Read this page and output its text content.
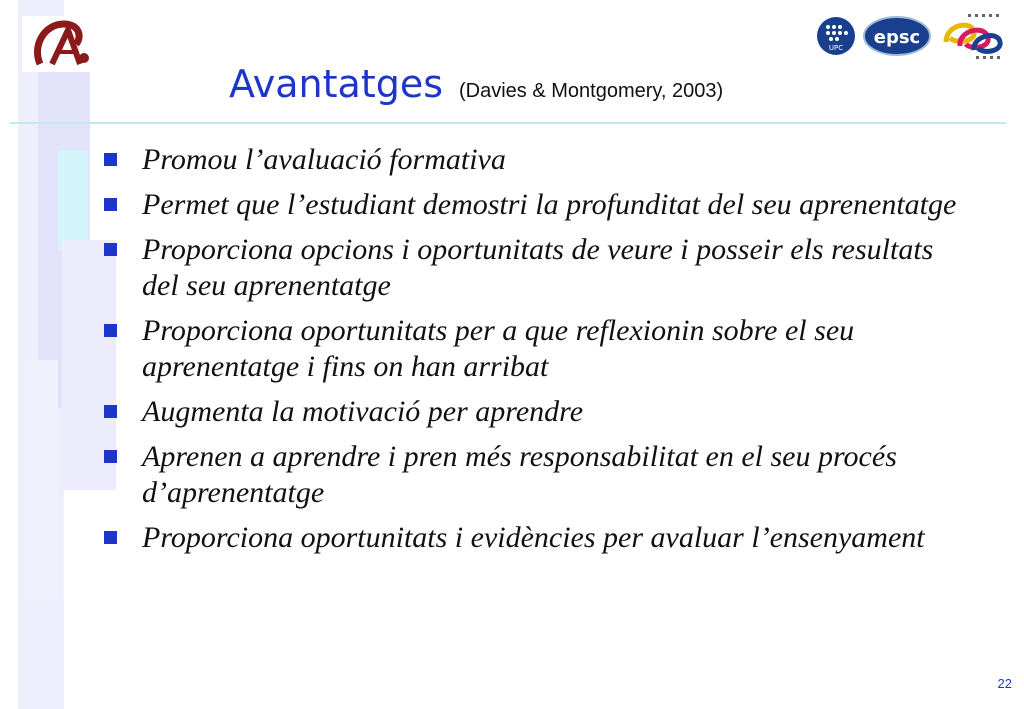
Avantatges (Davies & Montgomery, 2003)
UPC epsc
Promou l’avaluació formativa
Permet que l’estudiant demostri la profunditat del seu aprenentatge
Proporciona opcions i oportunitats de veure i posseir els resultats del seu aprenentatge
Proporciona oportunitats per a que reflexionin sobre el seu aprenentatge i fins on han arribat
Augmenta la motivació per aprendre
Aprenen a aprendre i pren més responsabilitat en el seu procés d’aprenentatge
Proporciona oportunitats i evidències per avaluar l’ensenyament
22
